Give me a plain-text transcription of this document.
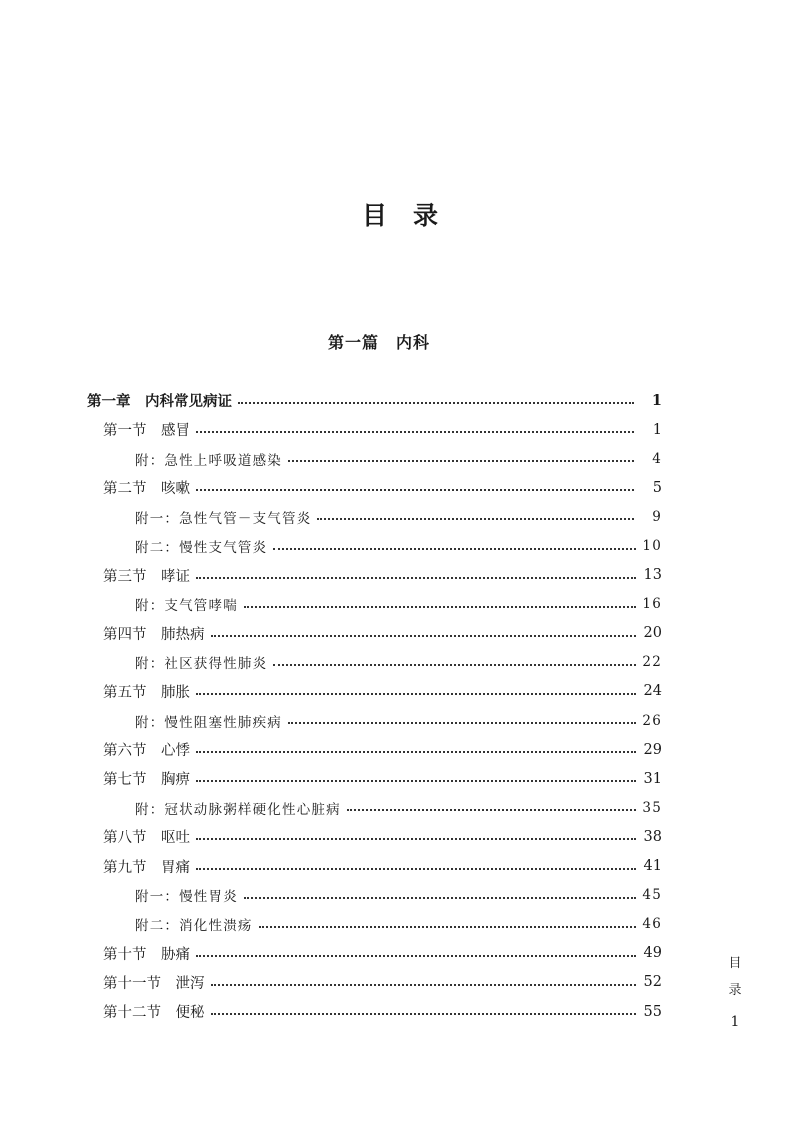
目录
第一篇　内科
第一章　内科常见病证	1
第一节　感冒	1
附：急性上呼吸道感染	4
第二节　咳嗽	5
附一：急性气管－支气管炎	9
附二：慢性支气管炎	10
第三节　哮证	13
附：支气管哮喘	16
第四节　肺热病	20
附：社区获得性肺炎	22
第五节　肺胀	24
附：慢性阻塞性肺疾病	26
第六节　心悸	29
第七节　胸痹	31
附：冠状动脉粥样硬化性心脏病	35
第八节　呕吐	38
第九节　胃痛	41
附一：慢性胃炎	45
附二：消化性溃疡	46
第十节　胁痛	49
第十一节　泄泻	52
第十二节　便秘	55
目
录
1
